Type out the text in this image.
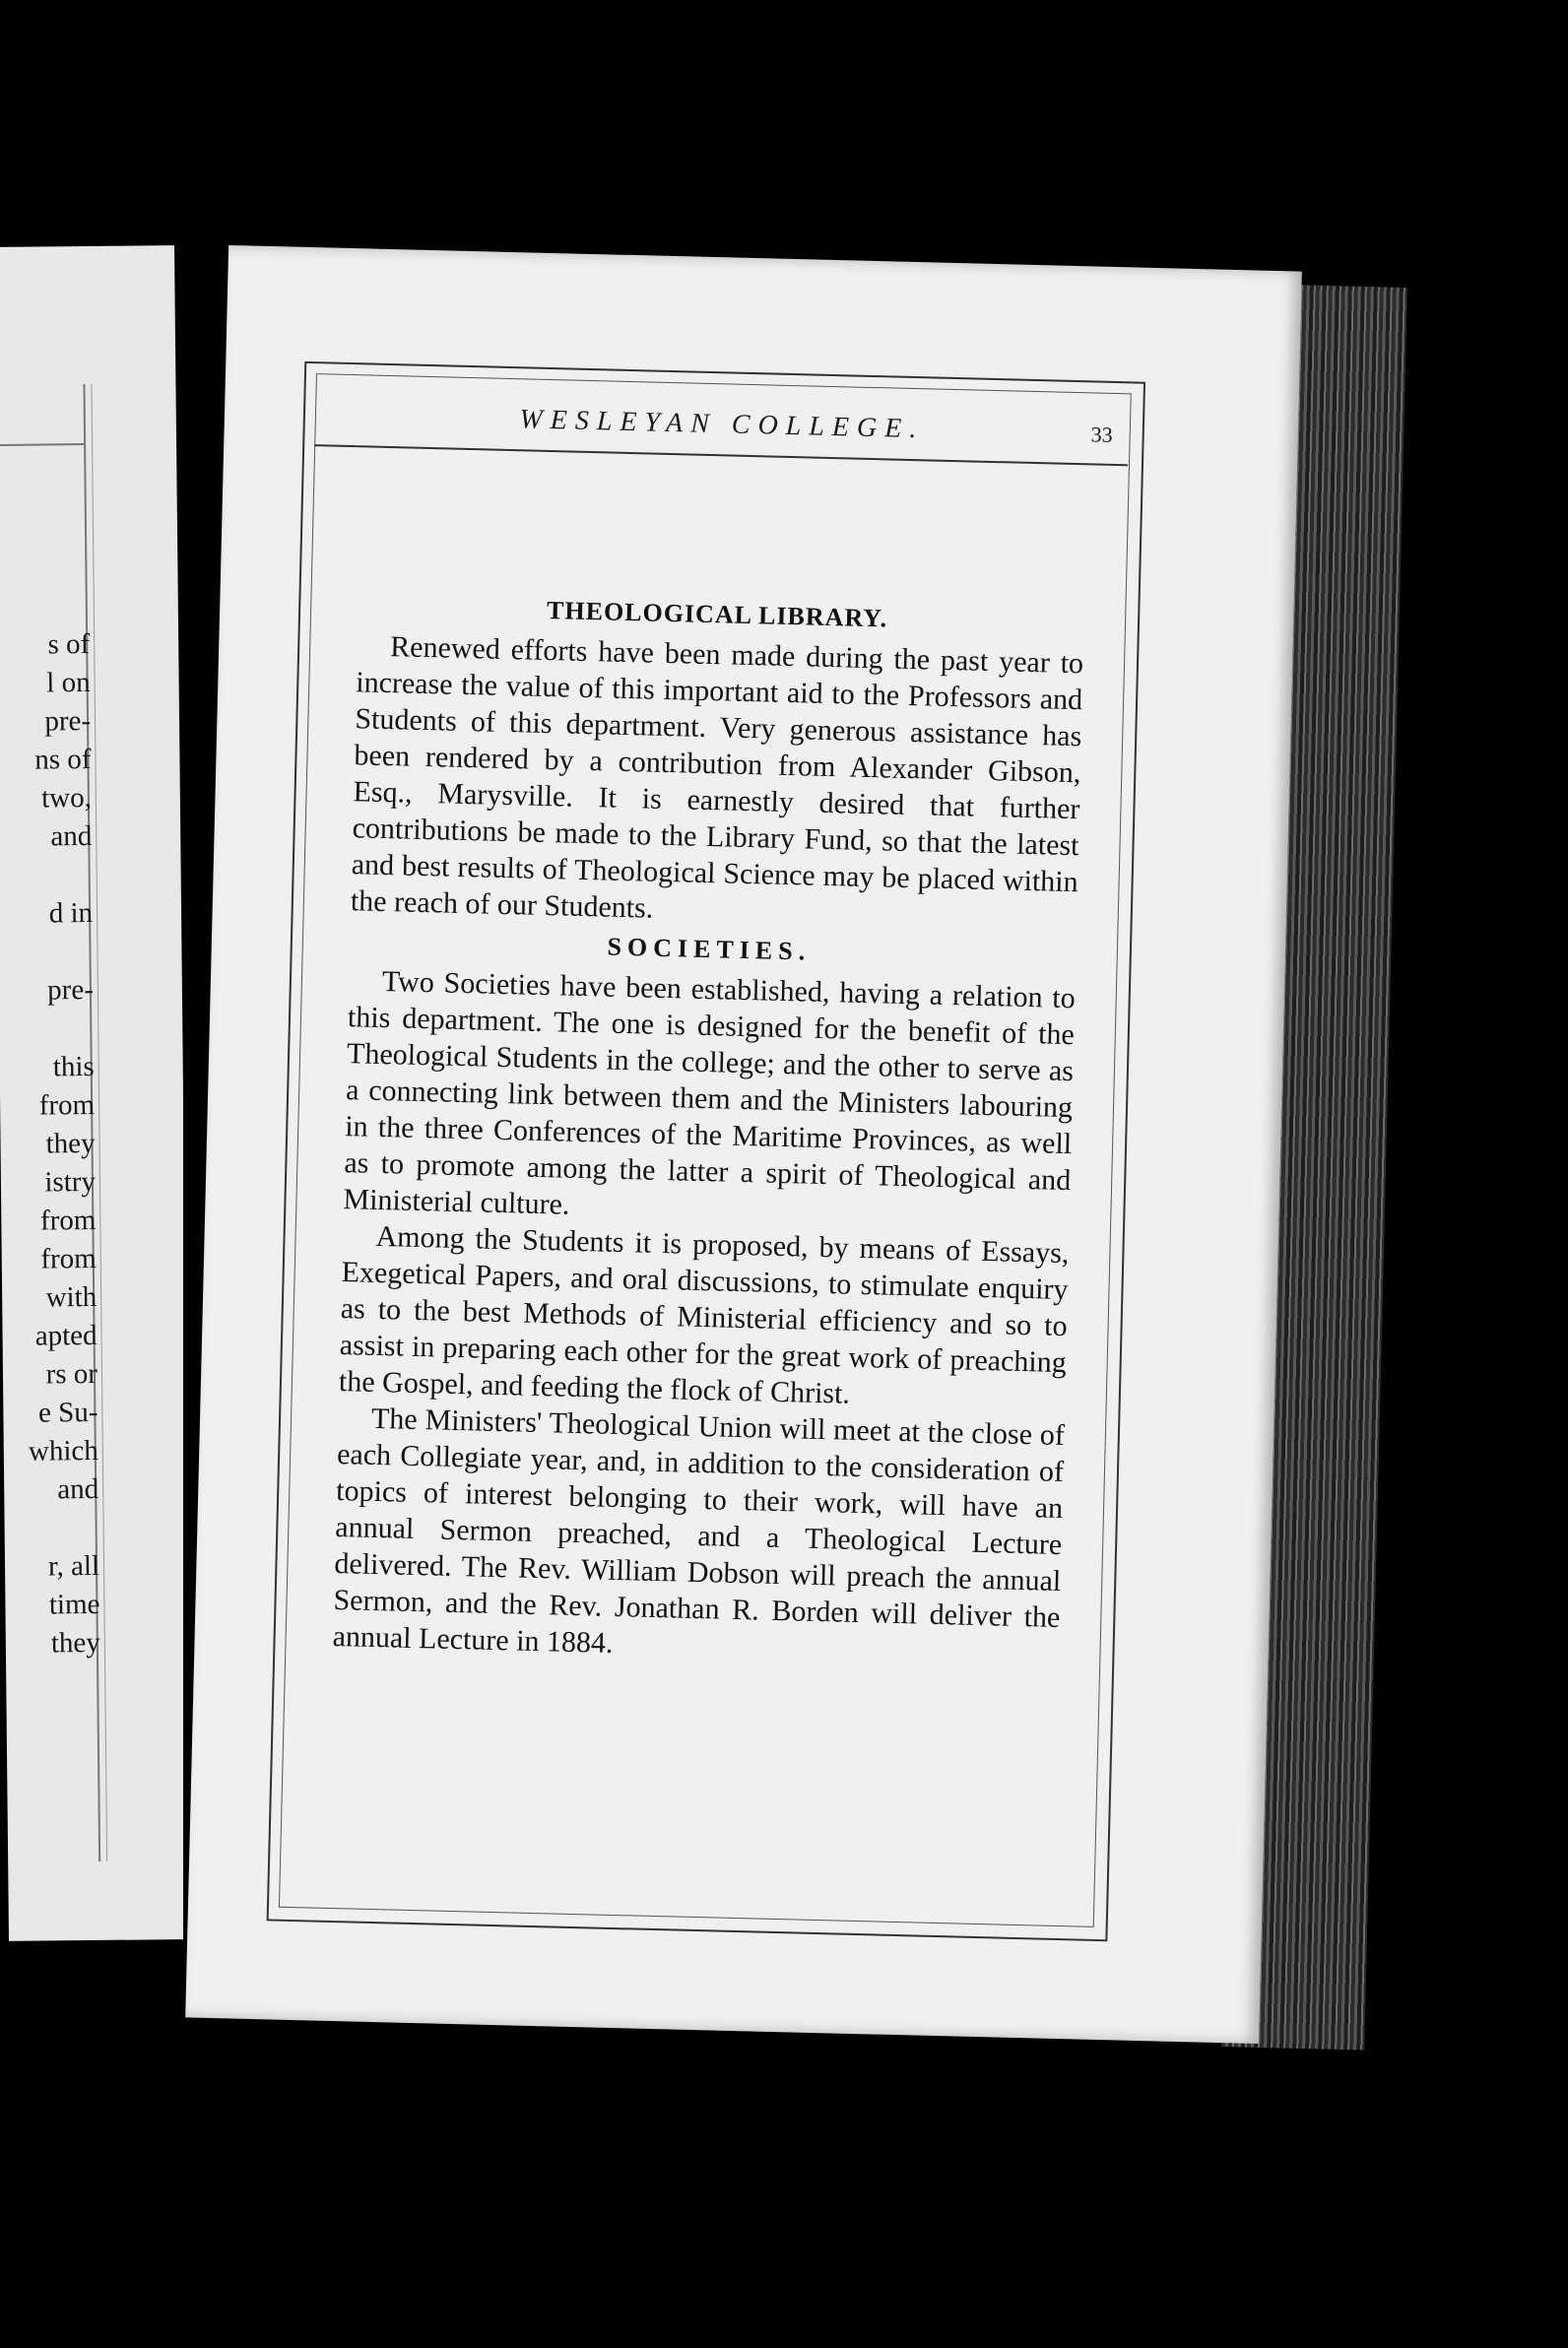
s of
l on
pre-
ns of
two,
and
d in
pre-
this
from
they
istry
from
from
with
apted
rs or
e Su-
which
and
r, all
time
they
WESLEYAN COLLEGE.	33
THEOLOGICAL LIBRARY.

Renewed efforts have been made during the past year to increase the value of this important aid to the Professors and Students of this department. Very generous assistance has been rendered by a contribution from Alexander Gibson, Esq., Marysville. It is earnestly desired that further contributions be made to the Library Fund, so that the latest and best results of Theological Science may be placed within the reach of our Students.

SOCIETIES.

Two Societies have been established, having a relation to this department. The one is designed for the benefit of the Theological Students in the college; and the other to serve as a connecting link between them and the Ministers labouring in the three Conferences of the Maritime Provinces, as well as to promote among the latter a spirit of Theological and Ministerial culture.

Among the Students it is proposed, by means of Essays, Exegetical Papers, and oral discussions, to stimulate enquiry as to the best Methods of Ministerial efficiency and so to assist in preparing each other for the great work of preaching the Gospel, and feeding the flock of Christ.

The Ministers' Theological Union will meet at the close of each Collegiate year, and, in addition to the consideration of topics of interest belonging to their work, will have an annual Sermon preached, and a Theological Lecture delivered. The Rev. William Dobson will preach the annual Sermon, and the Rev. Jonathan R. Borden will deliver the annual Lecture in 1884.
